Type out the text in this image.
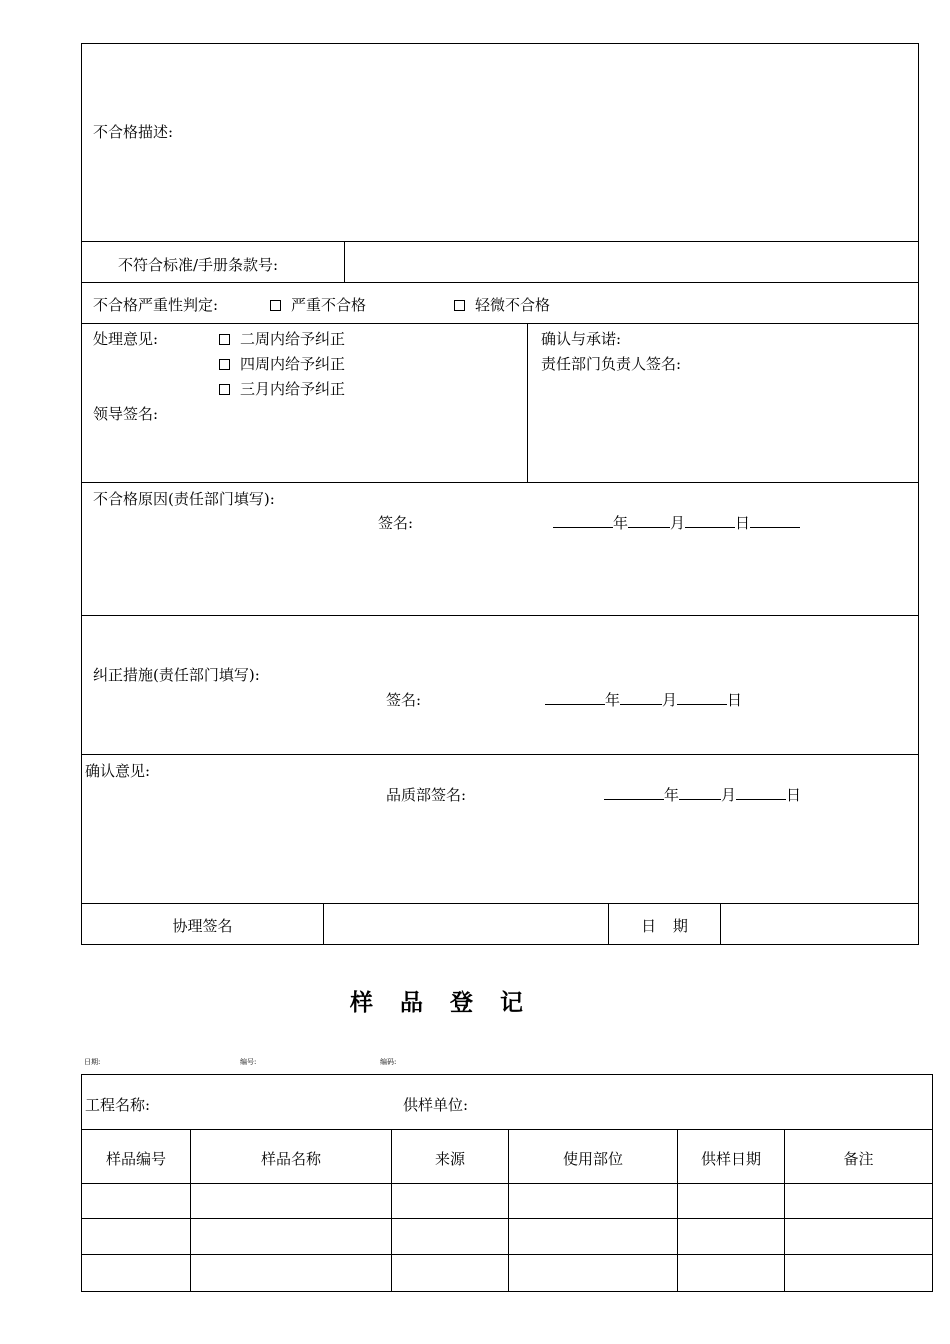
不合格描述:
不符合标准/手册条款号:
不合格严重性判定:	严重不合格	轻微不合格
处理意见:	二周内给予纠正
四周内给予纠正
三月内给予纠正
领导签名:
确认与承诺:
责任部门负责人签名:
不合格原因(责任部门填写):
签名:	年	月	日
纠正措施(责任部门填写):
签名:	年	月	日
确认意见:
品质部签名:	年	月	日
协理签名	日 期
样品登记
日期:	编号:	编码:
工程名称:	供样单位:
样品编号	样品名称	来源	使用部位	供样日期	备注
